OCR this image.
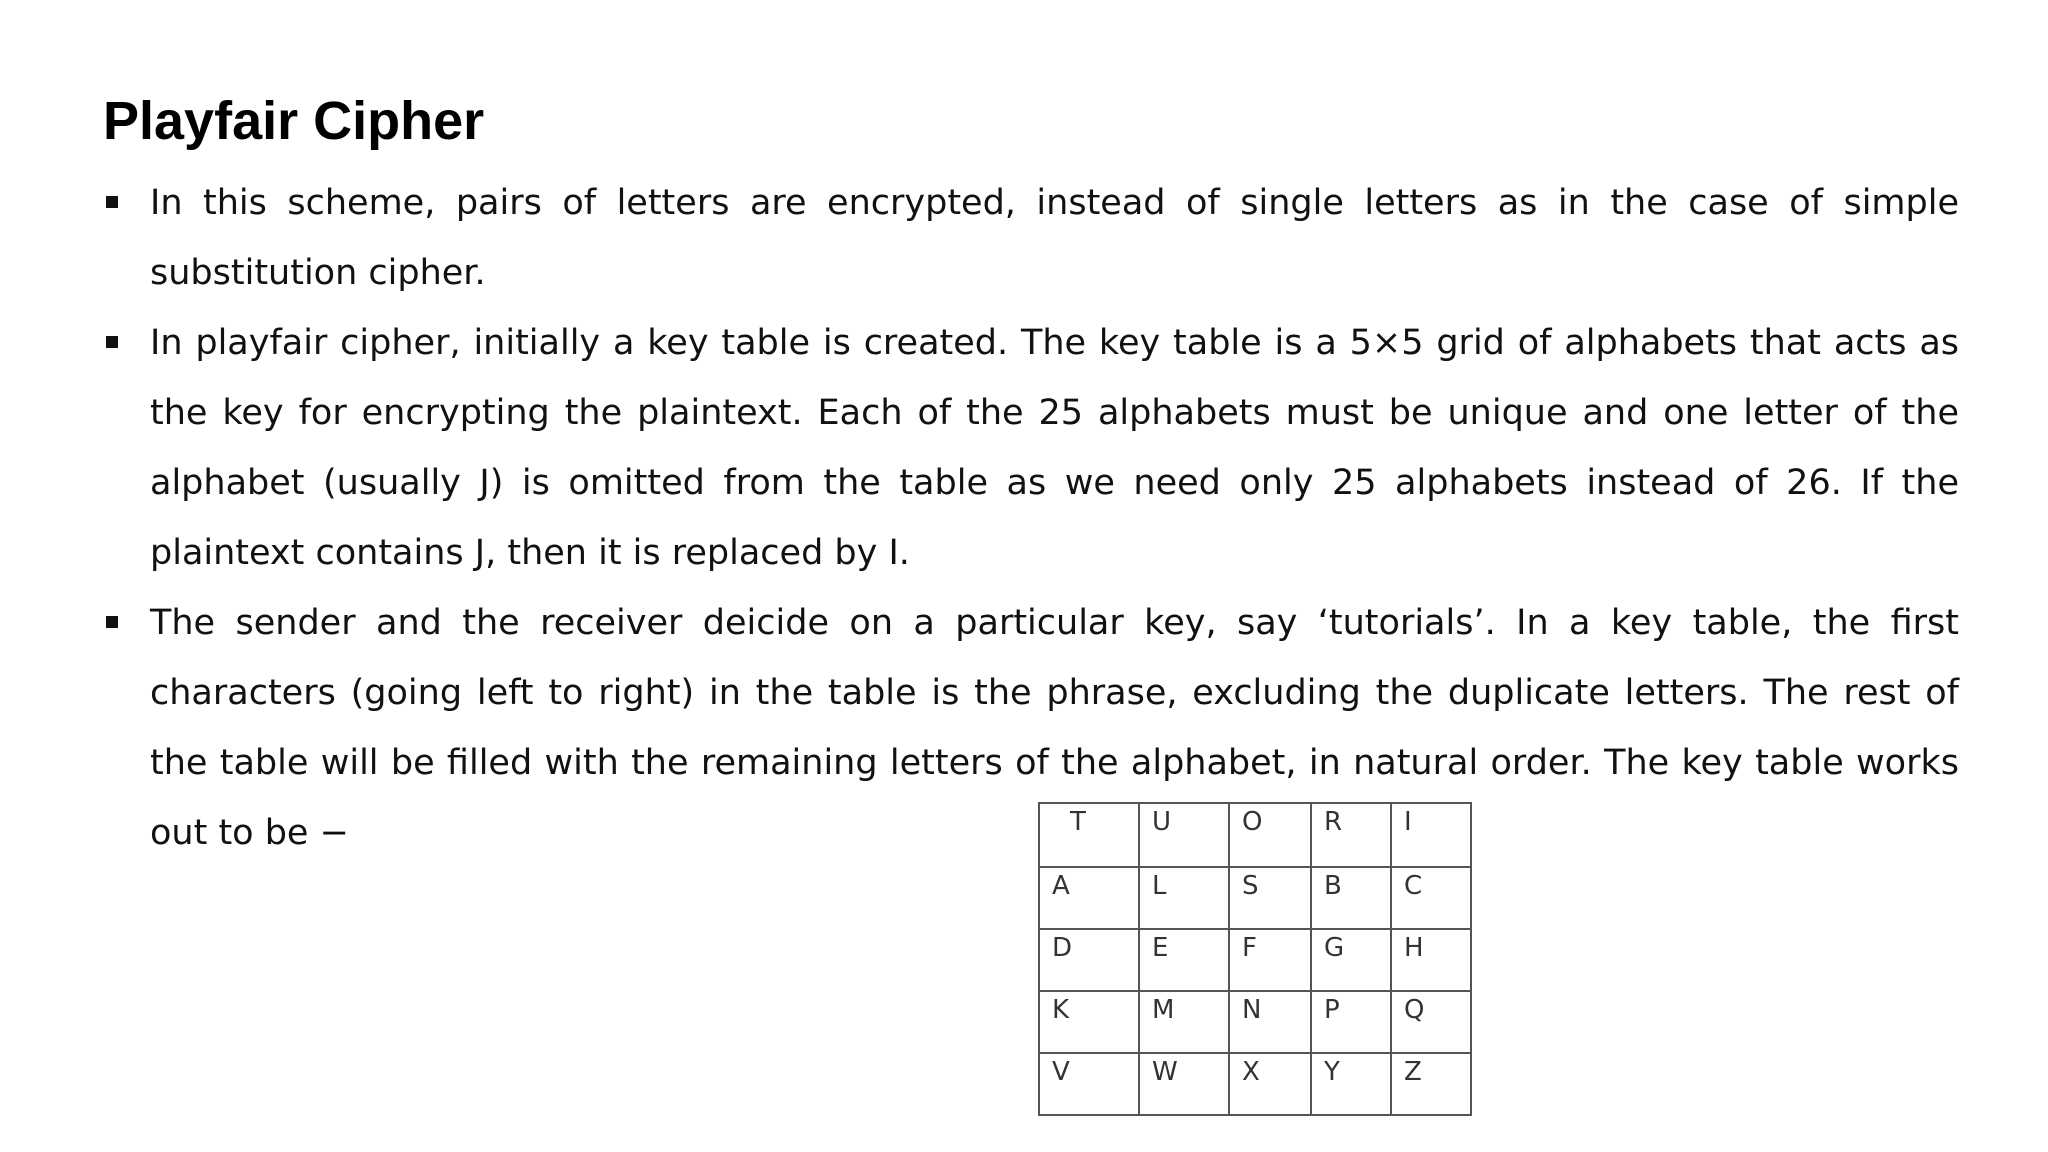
Playfair Cipher
In this scheme, pairs of letters are encrypted, instead of single letters as in the case of simple substitution cipher.
In playfair cipher, initially a key table is created. The key table is a 5×5 grid of alphabets that acts as the key for encrypting the plaintext. Each of the 25 alphabets must be unique and one letter of the alphabet (usually J) is omitted from the table as we need only 25 alphabets instead of 26. If the plaintext contains J, then it is replaced by I.
The sender and the receiver deicide on a particular key, say ‘tutorials’. In a key table, the first characters (going left to right) in the table is the phrase, excluding the duplicate letters. The rest of the table will be filled with the remaining letters of the alphabet, in natural order. The key table works out to be −	T	U	O	R	I
A	L	S	B	C
D	E	F	G	H
K	M	N	P	Q
V	W	X	Y	Z
